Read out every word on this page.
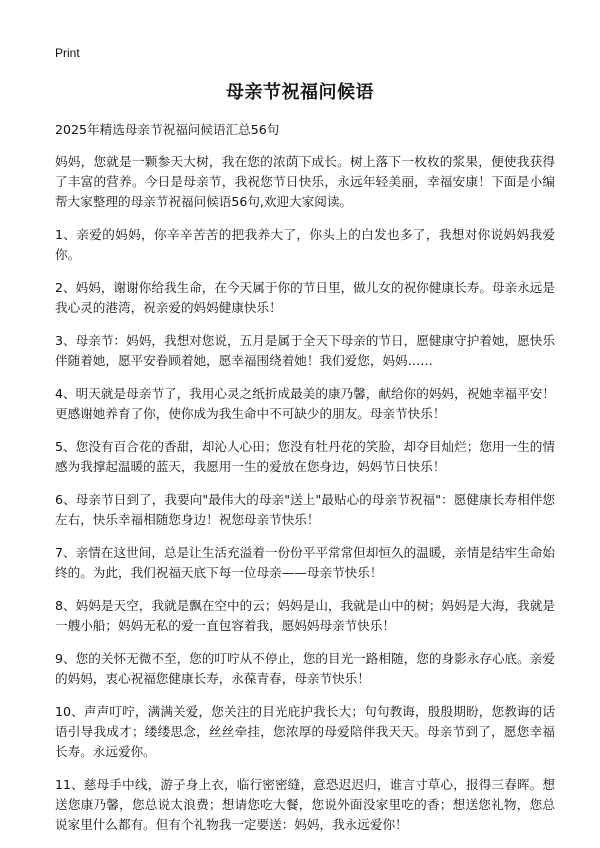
Print
母亲节祝福问候语
2025年精选母亲节祝福问候语汇总56句

妈妈，您就是一颗参天大树，我在您的浓荫下成长。树上落下一枚枚的浆果，便使我获得了丰富的营养。今日是母亲节，我祝您节日快乐，永远年轻美丽，幸福安康！下面是小编帮大家整理的母亲节祝福问候语56句,欢迎大家阅读。

1、亲爱的妈妈，你辛辛苦苦的把我养大了，你头上的白发也多了，我想对你说妈妈我爱你。

2、妈妈，谢谢你给我生命，在今天属于你的节日里，做儿女的祝你健康长寿。母亲永远是我心灵的港湾，祝亲爱的妈妈健康快乐！

3、母亲节：妈妈，我想对您说，五月是属于全天下母亲的节日，愿健康守护着她，愿快乐伴随着她，愿平安眷顾着她，愿幸福围绕着她！我们爱您，妈妈……

4、明天就是母亲节了，我用心灵之纸折成最美的康乃馨，献给你的妈妈，祝她幸福平安！更感谢她养育了你，使你成为我生命中不可缺少的朋友。母亲节快乐！

5、您没有百合花的香甜，却沁人心田；您没有牡丹花的笑脸，却夺目灿烂；您用一生的情感为我撑起温暖的蓝天，我愿用一生的爱放在您身边，妈妈节日快乐！

6、母亲节日到了，我要向"最伟大的母亲"送上"最贴心的母亲节祝福"：愿健康长寿相伴您左右，快乐幸福相随您身边！祝您母亲节快乐！

7、亲情在这世间，总是让生活充溢着一份份平平常常但却恒久的温暖，亲情是结牢生命始终的。为此，我们祝福天底下每一位母亲——母亲节快乐！

8、妈妈是天空，我就是飘在空中的云；妈妈是山，我就是山中的树；妈妈是大海，我就是一艘小船；妈妈无私的爱一直包容着我，愿妈妈母亲节快乐！

9、您的关怀无微不至，您的叮咛从不停止，您的目光一路相随，您的身影永存心底。亲爱的妈妈，衷心祝福您健康长寿，永葆青春，母亲节快乐！

10、声声叮咛，满满关爱，您关注的目光庇护我长大；句句教诲，殷殷期盼，您教诲的话语引导我成才；缕缕思念，丝丝牵挂，您浓厚的母爱陪伴我天天。母亲节到了，愿您幸福长寿。永远爱你。

11、慈母手中线，游子身上衣，临行密密缝，意恐迟迟归，谁言寸草心，报得三春晖。想送您康乃馨，您总说太浪费；想请您吃大餐，您说外面没家里吃的香；想送您礼物，您总说家里什么都有。但有个礼物我一定要送：妈妈，我永远爱你！
